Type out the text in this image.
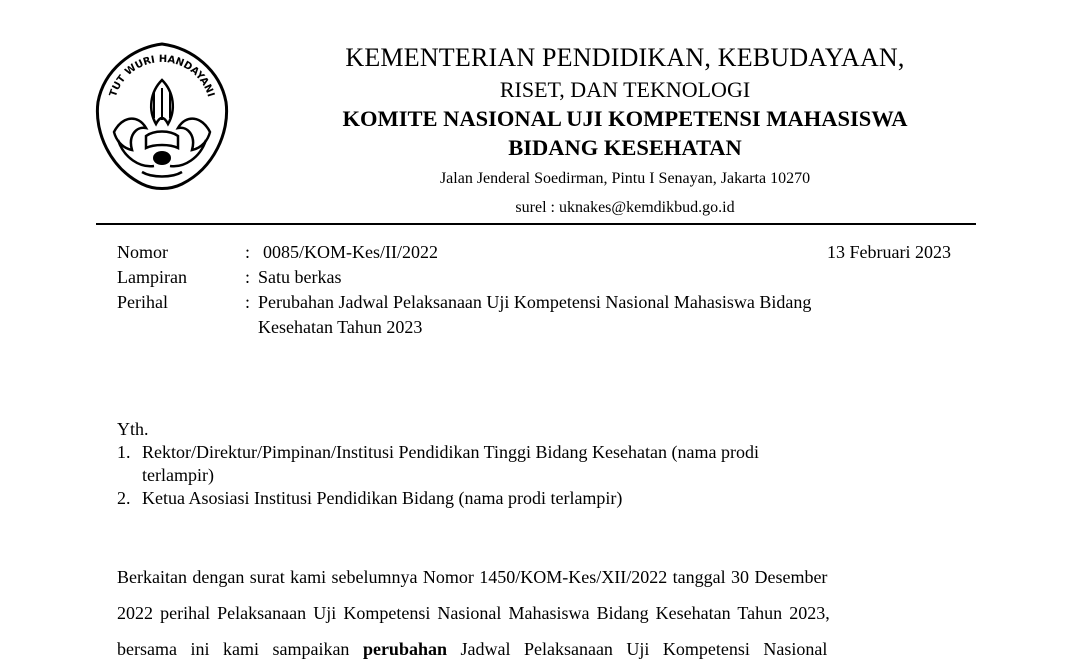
TUT WURI HANDAYANI
KEMENTERIAN PENDIDIKAN, KEBUDAYAAN,
RISET, DAN TEKNOLOGI
KOMITE NASIONAL UJI KOMPETENSI MAHASISWA
BIDANG KESEHATAN
Jalan Jenderal Soedirman, Pintu I Senayan, Jakarta 10270
surel : uknakes@kemdikbud.go.id
Nomor	: 0085/KOM-Kes/II/2022	13 Februari 2023
Lampiran	: Satu berkas
Perihal	: Perubahan Jadwal Pelaksanaan Uji Kompetensi Nasional Mahasiswa Bidang
Kesehatan Tahun 2023
Yth.
1. Rektor/Direktur/Pimpinan/Institusi Pendidikan Tinggi Bidang Kesehatan (nama prodi
terlampir)
2. Ketua Asosiasi Institusi Pendidikan Bidang (nama prodi terlampir)
Berkaitan dengan surat kami sebelumnya Nomor 1450/KOM-Kes/XII/2022 tanggal 30 Desember
2022 perihal Pelaksanaan Uji Kompetensi Nasional Mahasiswa Bidang Kesehatan Tahun 2023,
bersama ini kami sampaikan perubahan Jadwal Pelaksanaan Uji Kompetensi Nasional
